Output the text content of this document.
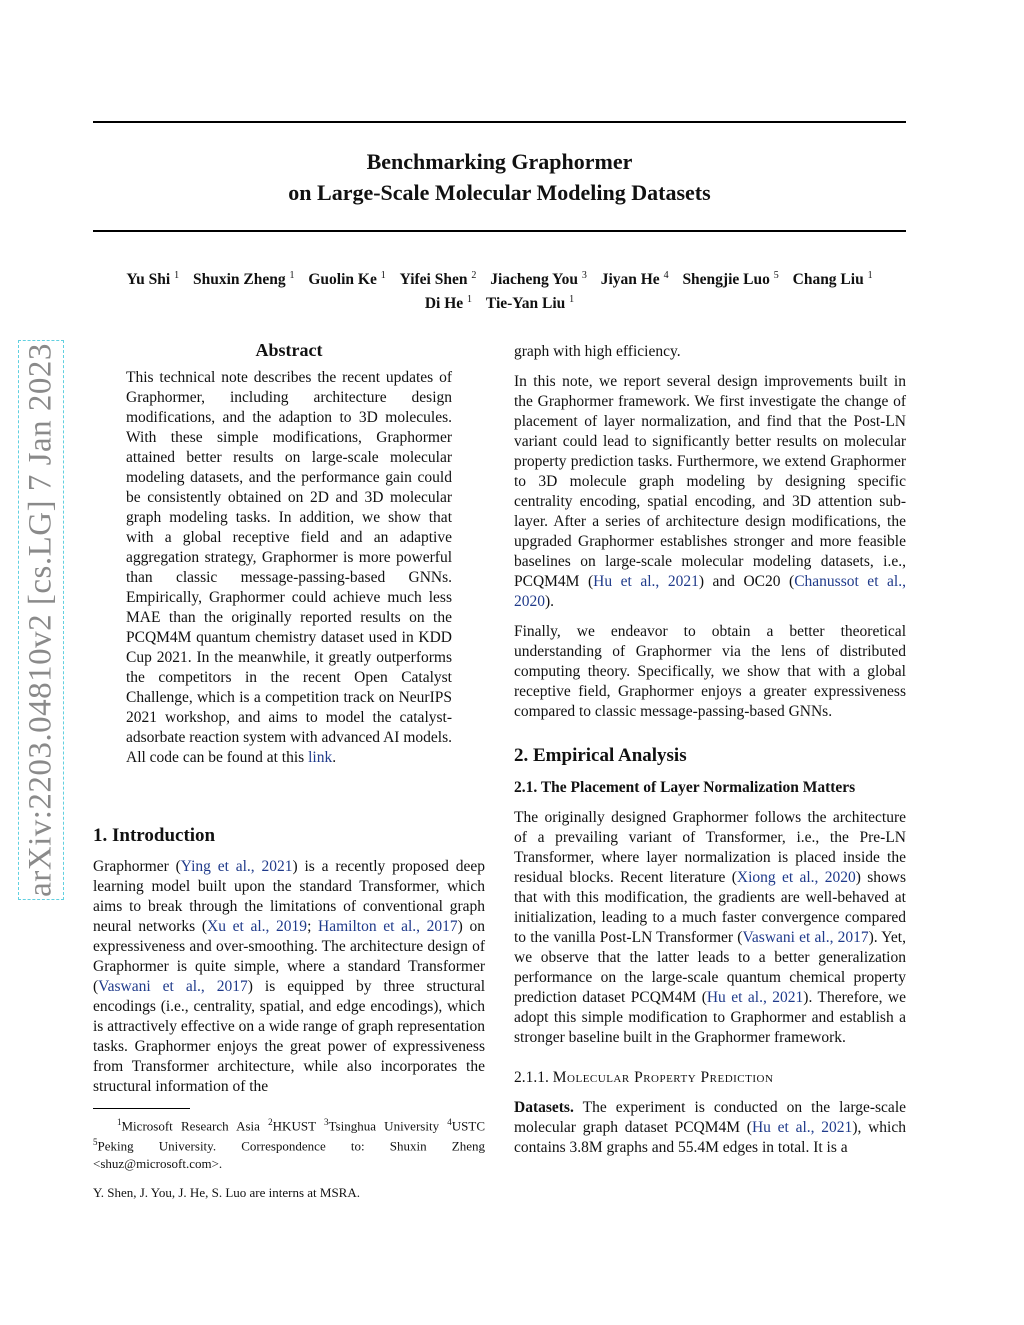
arXiv:2203.04810v2 [cs.LG] 7 Jan 2023
Benchmarking Graphormer
on Large-Scale Molecular Modeling Datasets
Yu Shi $^1$ Shuxin Zheng $^1$ Guolin Ke $^1$ Yifei Shen $^2$ Jiacheng You $^3$ Jiyan He $^4$ Shengjie Luo $^5$ Chang Liu $^1$
Di He $^1$ Tie-Yan Liu $^1$
Abstract

This technical note describes the recent updates of Graphormer, including architecture design modifications, and the adaption to 3D molecules. With these simple modifications, Graphormer attained better results on large-scale molecular modeling datasets, and the performance gain could be consistently obtained on 2D and 3D molecular graph modeling tasks. In addition, we show that with a global receptive field and an adaptive aggregation strategy, Graphormer is more powerful than classic message-passing-based GNNs. Empirically, Graphormer could achieve much less MAE than the originally reported results on the PCQM4M quantum chemistry dataset used in KDD Cup 2021. In the meanwhile, it greatly outperforms the competitors in the recent Open Catalyst Challenge, which is a competition track on NeurIPS 2021 workshop, and aims to model the catalyst-adsorbate reaction system with advanced AI models. All code can be found at this link.

1. Introduction

Graphormer (Ying et al., 2021) is a recently proposed deep learning model built upon the standard Transformer, which aims to break through the limitations of conventional graph neural networks (Xu et al., 2019; Hamilton et al., 2017) on expressiveness and over-smoothing. The architecture design of Graphormer is quite simple, where a standard Transformer (Vaswani et al., 2017) is equipped by three structural encodings (i.e., centrality, spatial, and edge encodings), which is attractively effective on a wide range of graph representation tasks. Graphormer enjoys the great power of expressiveness from Transformer architecture, while also incorporates the structural information of the

$^1$Microsoft Research Asia $^2$HKUST $^3$Tsinghua University $^4$USTC $^5$Peking University. Correspondence to: Shuxin Zheng <shuz@microsoft.com>.
Y. Shen, J. You, J. He, S. Luo are interns at MSRA.

graph with high efficiency.

In this note, we report several design improvements built in the Graphormer framework. We first investigate the change of placement of layer normalization, and find that the Post-LN variant could lead to significantly better results on molecular property prediction tasks. Furthermore, we extend Graphormer to 3D molecule graph modeling by designing specific centrality encoding, spatial encoding, and 3D attention sub-layer. After a series of architecture design modifications, the upgraded Graphormer establishes stronger and more feasible baselines on large-scale molecular modeling datasets, i.e., PCQM4M (Hu et al., 2021) and OC20 (Chanussot et al., 2020).

Finally, we endeavor to obtain a better theoretical understanding of Graphormer via the lens of distributed computing theory. Specifically, we show that with a global receptive field, Graphormer enjoys a greater expressiveness compared to classic message-passing-based GNNs.

2. Empirical Analysis
2.1. The Placement of Layer Normalization Matters

The originally designed Graphormer follows the architecture of a prevailing variant of Transformer, i.e., the Pre-LN Transformer, where layer normalization is placed inside the residual blocks. Recent literature (Xiong et al., 2020) shows that with this modification, the gradients are well-behaved at initialization, leading to a much faster convergence compared to the vanilla Post-LN Transformer (Vaswani et al., 2017). Yet, we observe that the latter leads to a better generalization performance on the large-scale quantum chemical property prediction dataset PCQM4M (Hu et al., 2021). Therefore, we adopt this simple modification to Graphormer and establish a stronger baseline built in the Graphormer framework.

2.1.1. Molecular Property Prediction

Datasets. The experiment is conducted on the large-scale molecular graph dataset PCQM4M (Hu et al., 2021), which contains 3.8M graphs and 55.4M edges in total. It is a
